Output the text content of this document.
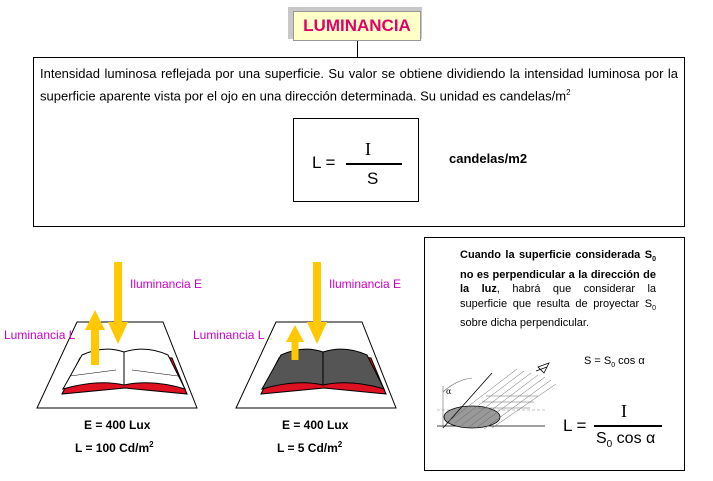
LUMINANCIA
Intensidad luminosa reflejada por una superficie. Su valor se obtiene dividiendo la intensidad luminosa por la superficie aparente vista por el ojo en una dirección determinada. Su unidad es candelas/$m^2$
L =
I
S
candelas/m2
α
Iluminancia E
Luminancia L
E = 400 Lux
L = 100 $Cd/m^2$
Iluminancia E
Luminancia L
E = 400 Lux
L = 5 $Cd/m^2$
Cuando la superficie considerada $S_0$ no es perpendicular a la dirección de la luz, habrá que considerar la superficie que resulta de proyectar $S_0$ sobre dicha perpendicular.
$S = S_0$ cos α
L =
I
$S_0$ cos α
